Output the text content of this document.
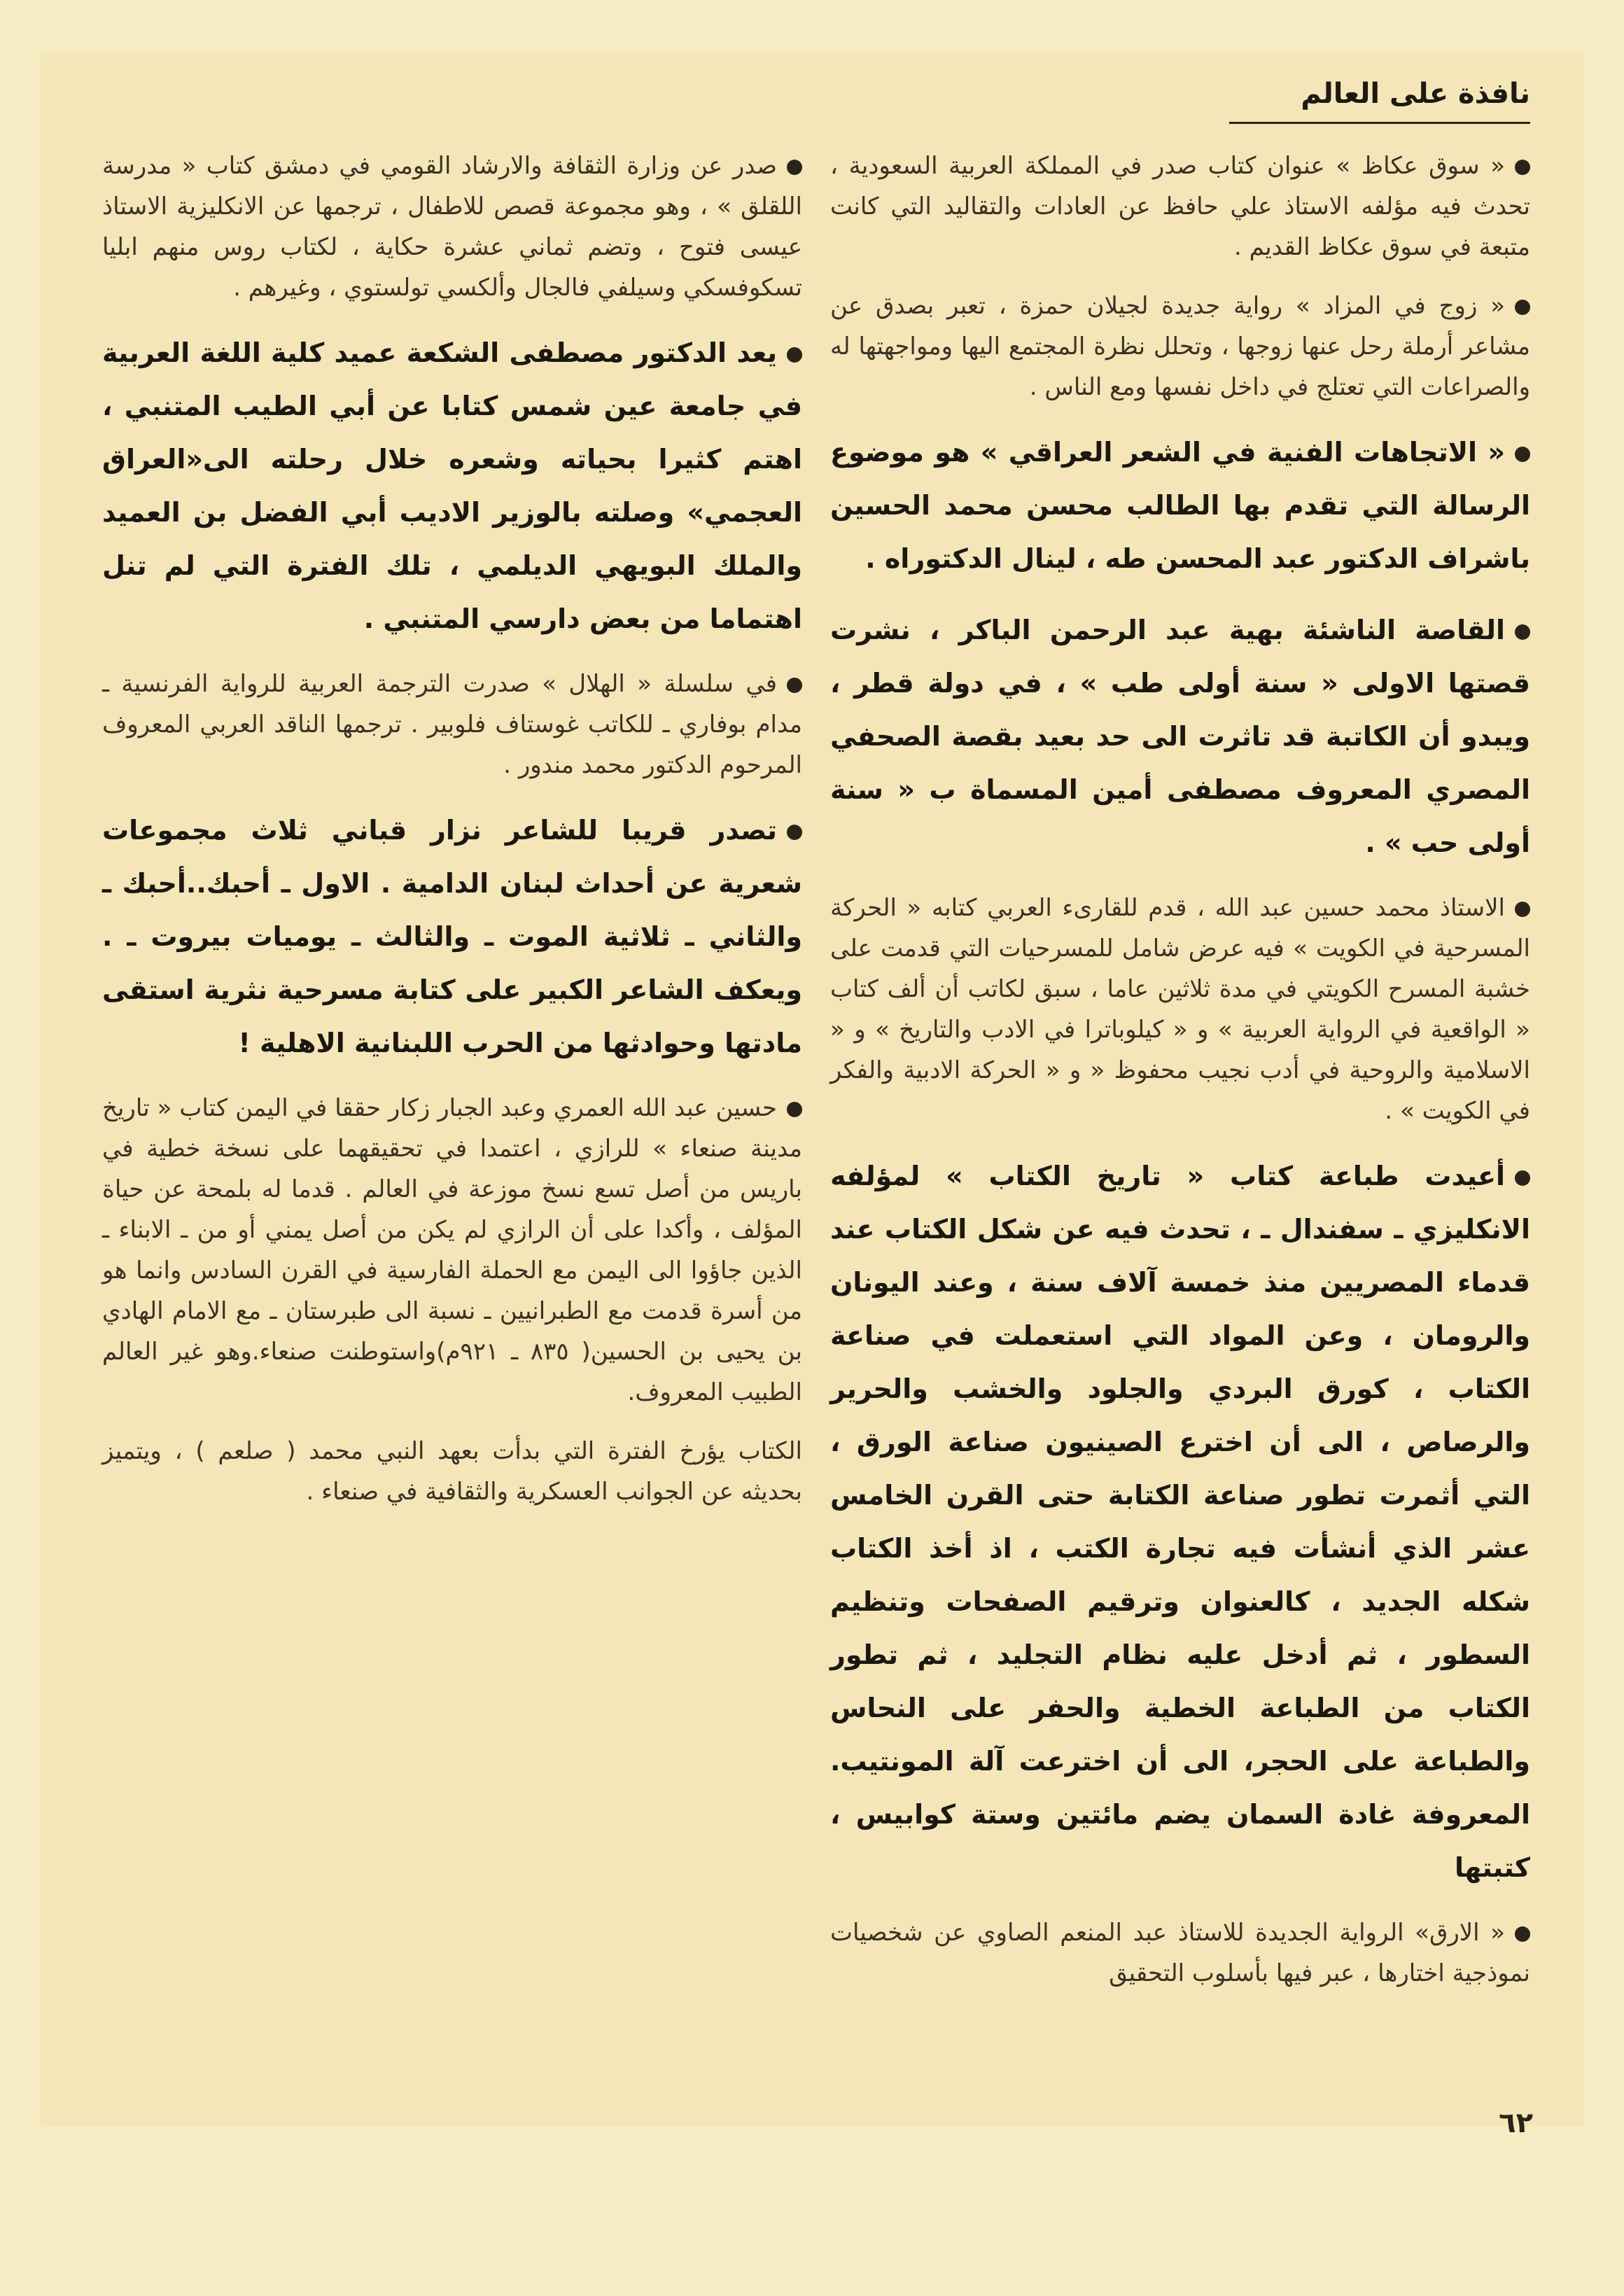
نافذة على العالم

« سوق عكاظ » عنوان كتاب صدر في المملكة العربية السعودية ، تحدث فيه مؤلفه الاستاذ علي حافظ عن العادات والتقاليد التي كانت متبعة في سوق عكاظ القديم .

« زوج في المزاد » رواية جديدة لجيلان حمزة ، تعبر بصدق عن مشاعر أرملة رحل عنها زوجها ، وتحلل نظرة المجتمع اليها ومواجهتها له والصراعات التي تعتلج في داخل نفسها ومع الناس .

« الاتجاهات الفنية في الشعر العراقي » هو موضوع الرسالة التي تقدم بها الطالب محسن محمد الحسين باشراف الدكتور عبد المحسن طه ، لينال الدكتوراه .

القاصة الناشئة بهية عبد الرحمن الباكر ، نشرت قصتها الاولى « سنة أولى طب » ، في دولة قطر ، ويبدو أن الكاتبة قد تاثرت الى حد بعيد بقصة الصحفي المصري المعروف مصطفى أمين المسماة ب « سنة أولى حب » .

الاستاذ محمد حسين عبد الله ، قدم للقارىء العربي كتابه « الحركة المسرحية في الكويت » فيه عرض شامل للمسرحيات التي قدمت على خشبة المسرح الكويتي في مدة ثلاثين عاما ، سبق لكاتب أن ألف كتاب « الواقعية في الرواية العربية » و « كيلوباترا في الادب والتاريخ » و « الاسلامية والروحية في أدب نجيب محفوظ « و « الحركة الادبية والفكر في الكويت » .

أعيدت طباعة كتاب « تاريخ الكتاب » لمؤلفه الانكليزي ـ سفندال ـ ، تحدث فيه عن شكل الكتاب عند قدماء المصريين منذ خمسة آلاف سنة ، وعند اليونان والرومان ، وعن المواد التي استعملت في صناعة الكتاب ، كورق البردي والجلود والخشب والحرير والرصاص ، الى أن اخترع الصينيون صناعة الورق ، التي أثمرت تطور صناعة الكتابة حتى القرن الخامس عشر الذي أنشأت فيه تجارة الكتب ، اذ أخذ الكتاب شكله الجديد ، كالعنوان وترقيم الصفحات وتنظيم السطور ، ثم أدخل عليه نظام التجليد ، ثم تطور الكتاب من الطباعة الخطية والحفر على النحاس والطباعة على الحجر، الى أن اخترعت آلة المونتيب. المعروفة غادة السمان يضم مائتين وستة كوابيس ، كتبتها

« الارق» الرواية الجديدة للاستاذ عبد المنعم الصاوي عن شخصيات نموذجية اختارها ، عبر فيها بأسلوب التحقيق

صدر عن وزارة الثقافة والارشاد القومي في دمشق كتاب « مدرسة اللقلق » ، وهو مجموعة قصص للاطفال ، ترجمها عن الانكليزية الاستاذ عيسى فتوح ، وتضم ثماني عشرة حكاية ، لكتاب روس منهم ابليا تسكوفسكي وسيلفي فالجال وألكسي تولستوي ، وغيرهم .

يعد الدكتور مصطفى الشكعة عميد كلية اللغة العربية في جامعة عين شمس كتابا عن أبي الطيب المتنبي ، اهتم كثيرا بحياته وشعره خلال رحلته الى«العراق العجمي» وصلته بالوزير الاديب أبي الفضل بن العميد والملك البويهي الديلمي ، تلك الفترة التي لم تنل اهتماما من بعض دارسي المتنبي .

في سلسلة « الهلال » صدرت الترجمة العربية للرواية الفرنسية ـ مدام بوفاري ـ للكاتب غوستاف فلوبير . ترجمها الناقد العربي المعروف المرحوم الدكتور محمد مندور .

تصدر قريبا للشاعر نزار قباني ثلاث مجموعات شعرية عن أحداث لبنان الدامية . الاول ـ أحبك..أحبك ـ والثاني ـ ثلاثية الموت ـ والثالث ـ يوميات بيروت ـ . ويعكف الشاعر الكبير على كتابة مسرحية نثرية استقى مادتها وحوادثها من الحرب اللبنانية الاهلية !

حسين عبد الله العمري وعبد الجبار زكار حققا في اليمن كتاب « تاريخ مدينة صنعاء » للرازي ، اعتمدا في تحقيقهما على نسخة خطية في باريس من أصل تسع نسخ موزعة في العالم . قدما له بلمحة عن حياة المؤلف ، وأكدا على أن الرازي لم يكن من أصل يمني أو من ـ الابناء ـ الذين جاؤوا الى اليمن مع الحملة الفارسية في القرن السادس وانما هو من أسرة قدمت مع الطبرانيين ـ نسبة الى طبرستان ـ مع الامام الهادي بن يحيى بن الحسين( ٨٣٥ ـ ٩٢١م)واستوطنت صنعاء.وهو غير العالم الطبيب المعروف.

الكتاب يؤرخ الفترة التي بدأت بعهد النبي محمد ( صلعم ) ، ويتميز بحديثه عن الجوانب العسكرية والثقافية في صنعاء .

٦٢
